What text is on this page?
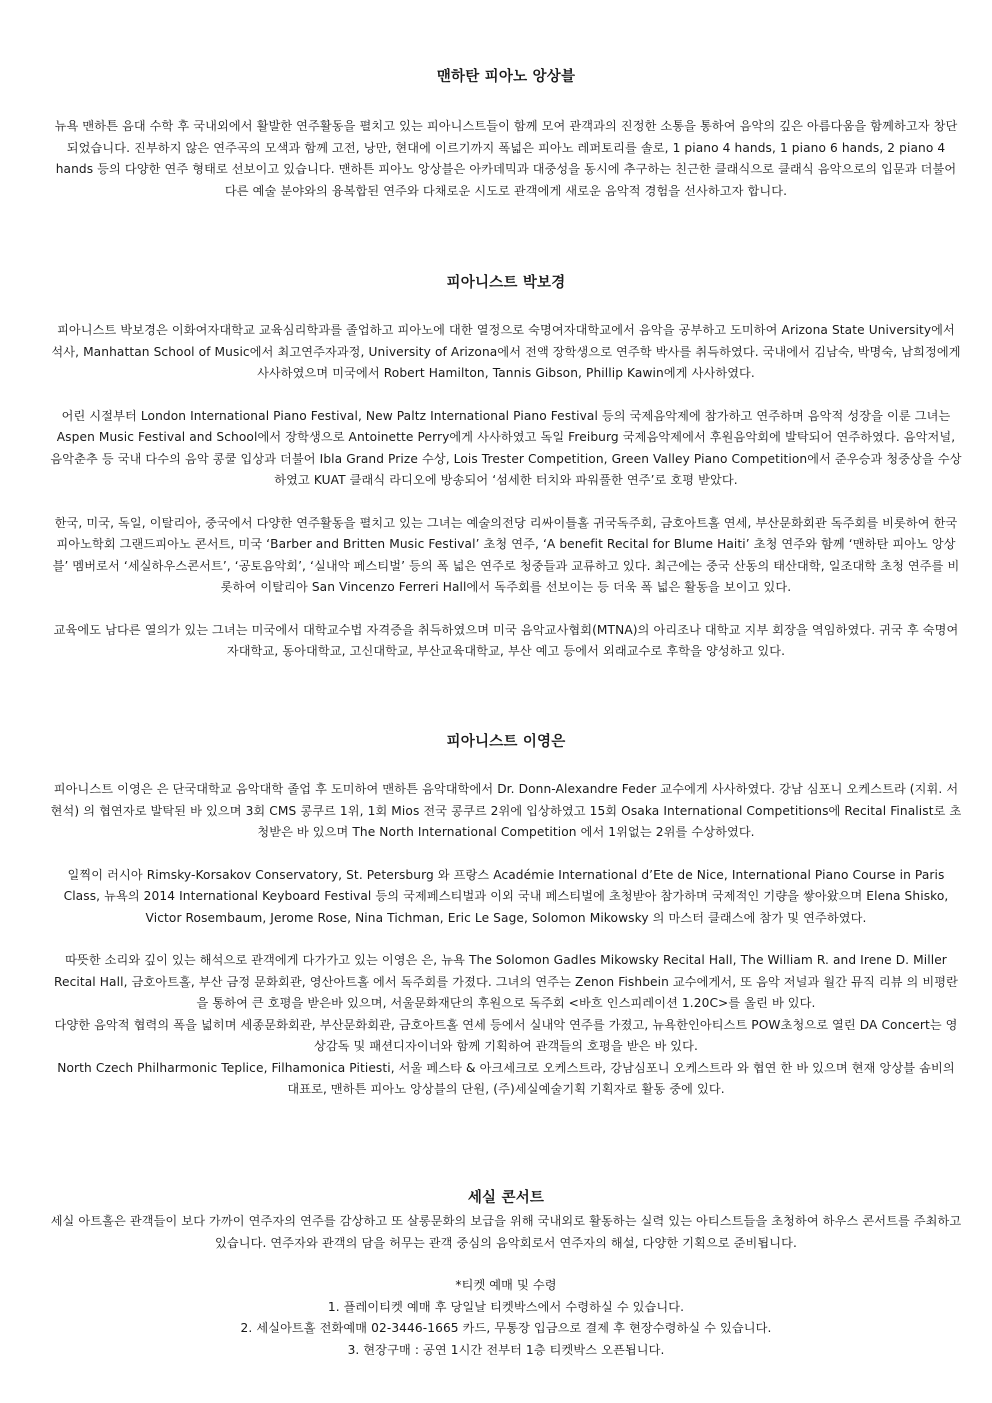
맨하탄 피아노 앙상블

뉴욕 맨하튼 음대 수학 후 국내외에서 활발한 연주활동을 펼치고 있는 피아니스트들이 함께 모여 관객과의 진정한 소통을 통하여 음악의 깊은 아름다움을 함께하고자 창단되었습니다. 진부하지 않은 연주곡의 모색과 함께 고전, 낭만, 현대에 이르기까지 폭넓은 피아노 레퍼토리를 솔로, 1 piano 4 hands, 1 piano 6 hands, 2 piano 4 hands 등의 다양한 연주 형태로 선보이고 있습니다. 맨하튼 피아노 앙상블은 아카데믹과 대중성을 동시에 추구하는 친근한 클래식으로 클래식 음악으로의 입문과 더불어 다른 예술 분야와의 융복합된 연주와 다채로운 시도로 관객에게 새로운 음악적 경험을 선사하고자 합니다.

피아니스트 박보경

피아니스트 박보경은 이화여자대학교 교육심리학과를 졸업하고 피아노에 대한 열정으로 숙명여자대학교에서 음악을 공부하고 도미하여 Arizona State University에서 석사, Manhattan School of Music에서 최고연주자과정, University of Arizona에서 전액 장학생으로 연주학 박사를 취득하였다. 국내에서 김남숙, 박명숙, 남희정에게 사사하였으며 미국에서 Robert Hamilton, Tannis Gibson, Phillip Kawin에게 사사하였다.

어린 시절부터 London International Piano Festival, New Paltz International Piano Festival 등의 국제음악제에 참가하고 연주하며 음악적 성장을 이룬 그녀는 Aspen Music Festival and School에서 장학생으로 Antoinette Perry에게 사사하였고 독일 Freiburg 국제음악제에서 후원음악회에 발탁되어 연주하였다. 음악저널, 음악춘추 등 국내 다수의 음악 콩쿨 입상과 더불어 Ibla Grand Prize 수상, Lois Trester Competition, Green Valley Piano Competition에서 준우승과 청중상을 수상하였고 KUAT 클래식 라디오에 방송되어 ‘섬세한 터치와 파워풀한 연주’로 호평 받았다.

한국, 미국, 독일, 이탈리아, 중국에서 다양한 연주활동을 펼치고 있는 그녀는 예술의전당 리싸이틀홀 귀국독주회, 금호아트홀 연세, 부산문화회관 독주회를 비롯하여 한국피아노학회 그랜드피아노 콘서트, 미국 ‘Barber and Britten Music Festival’ 초청 연주, ‘A benefit Recital for Blume Haiti’ 초청 연주와 함께 ‘맨하탄 피아노 앙상블’ 멤버로서 ‘세실하우스콘서트’, ‘공토음악회’, ‘실내악 페스티벌’ 등의 폭 넓은 연주로 청중들과 교류하고 있다. 최근에는 중국 산동의 태산대학, 일조대학 초청 연주를 비롯하여 이탈리아 San Vincenzo Ferreri Hall에서 독주회를 선보이는 등 더욱 폭 넓은 활동을 보이고 있다.

교육에도 남다른 열의가 있는 그녀는 미국에서 대학교수법 자격증을 취득하였으며 미국 음악교사협회(MTNA)의 아리조나 대학교 지부 회장을 역임하였다. 귀국 후 숙명여자대학교, 동아대학교, 고신대학교, 부산교육대학교, 부산 예고 등에서 외래교수로 후학을 양성하고 있다.

피아니스트 이영은

피아니스트 이영은 은 단국대학교 음악대학 졸업 후 도미하여 맨하튼 음악대학에서 Dr. Donn-Alexandre Feder 교수에게 사사하였다. 강남 심포니 오케스트라 (지휘. 서현석) 의 협연자로 발탁된 바 있으며 3회 CMS 콩쿠르 1위, 1회 Mios 전국 콩쿠르 2위에 입상하였고 15회 Osaka International Competitions에 Recital Finalist로 초청받은 바 있으며 The North International Competition 에서 1위없는 2위를 수상하였다.

일찍이 러시아 Rimsky-Korsakov Conservatory, St. Petersburg 와 프랑스 Académie International d’Ete de Nice, International Piano Course in Paris Class, 뉴욕의 2014 International Keyboard Festival 등의 국제페스티벌과 이외 국내 페스티벌에 초청받아 참가하며 국제적인 기량을 쌓아왔으며 Elena Shisko, Victor Rosembaum, Jerome Rose, Nina Tichman, Eric Le Sage, Solomon Mikowsky 의 마스터 클래스에 참가 및 연주하였다.

따뜻한 소리와 깊이 있는 해석으로 관객에게 다가가고 있는 이영은 은, 뉴욕 The Solomon Gadles Mikowsky Recital Hall, The William R. and Irene D. Miller Recital Hall, 금호아트홀, 부산 금정 문화회관, 영산아트홀 에서 독주회를 가졌다. 그녀의 연주는 Zenon Fishbein 교수에게서, 또 음악 저널과 월간 뮤직 리뷰 의 비평란을 통하여 큰 호평을 받은바 있으며, 서울문화재단의 후원으로 독주회 <바흐 인스피레이션 1.20C>를 올린 바 있다.

다양한 음악적 협력의 폭을 넓히며 세종문화회관, 부산문화회관, 금호아트홀 연세 등에서 실내악 연주를 가졌고, 뉴욕한인아티스트 POW초청으로 열린 DA Concert는 영상감독 및 패션디자이너와 함께 기획하여 관객들의 호평을 받은 바 있다.

North Czech Philharmonic Teplice, Filhamonica Pitiesti, 서울 페스타 & 아크세크로 오케스트라, 강남심포니 오케스트라 와 협연 한 바 있으며 현재 앙상블 솜비의 대표로, 맨하튼 피아노 앙상블의 단원, (주)세실예술기획 기획자로 활동 중에 있다.

세실 콘서트

세실 아트홀은 관객들이 보다 가까이 연주자의 연주를 감상하고 또 살롱문화의 보급을 위해 국내외로 활동하는 실력 있는 아티스트들을 초청하여 하우스 콘서트를 주최하고 있습니다. 연주자와 관객의 담을 허무는 관객 중심의 음악회로서 연주자의 해설, 다양한 기획으로 준비됩니다.

*티켓 예매 및 수령

1. 플레이티켓 예매 후 당일날 티켓박스에서 수령하실 수 있습니다.

2. 세실아트홀 전화예매 02-3446-1665 카드, 무통장 입금으로 결제 후 현장수령하실 수 있습니다.

3. 현장구매 : 공연 1시간 전부터 1층 티켓박스 오픈됩니다.
